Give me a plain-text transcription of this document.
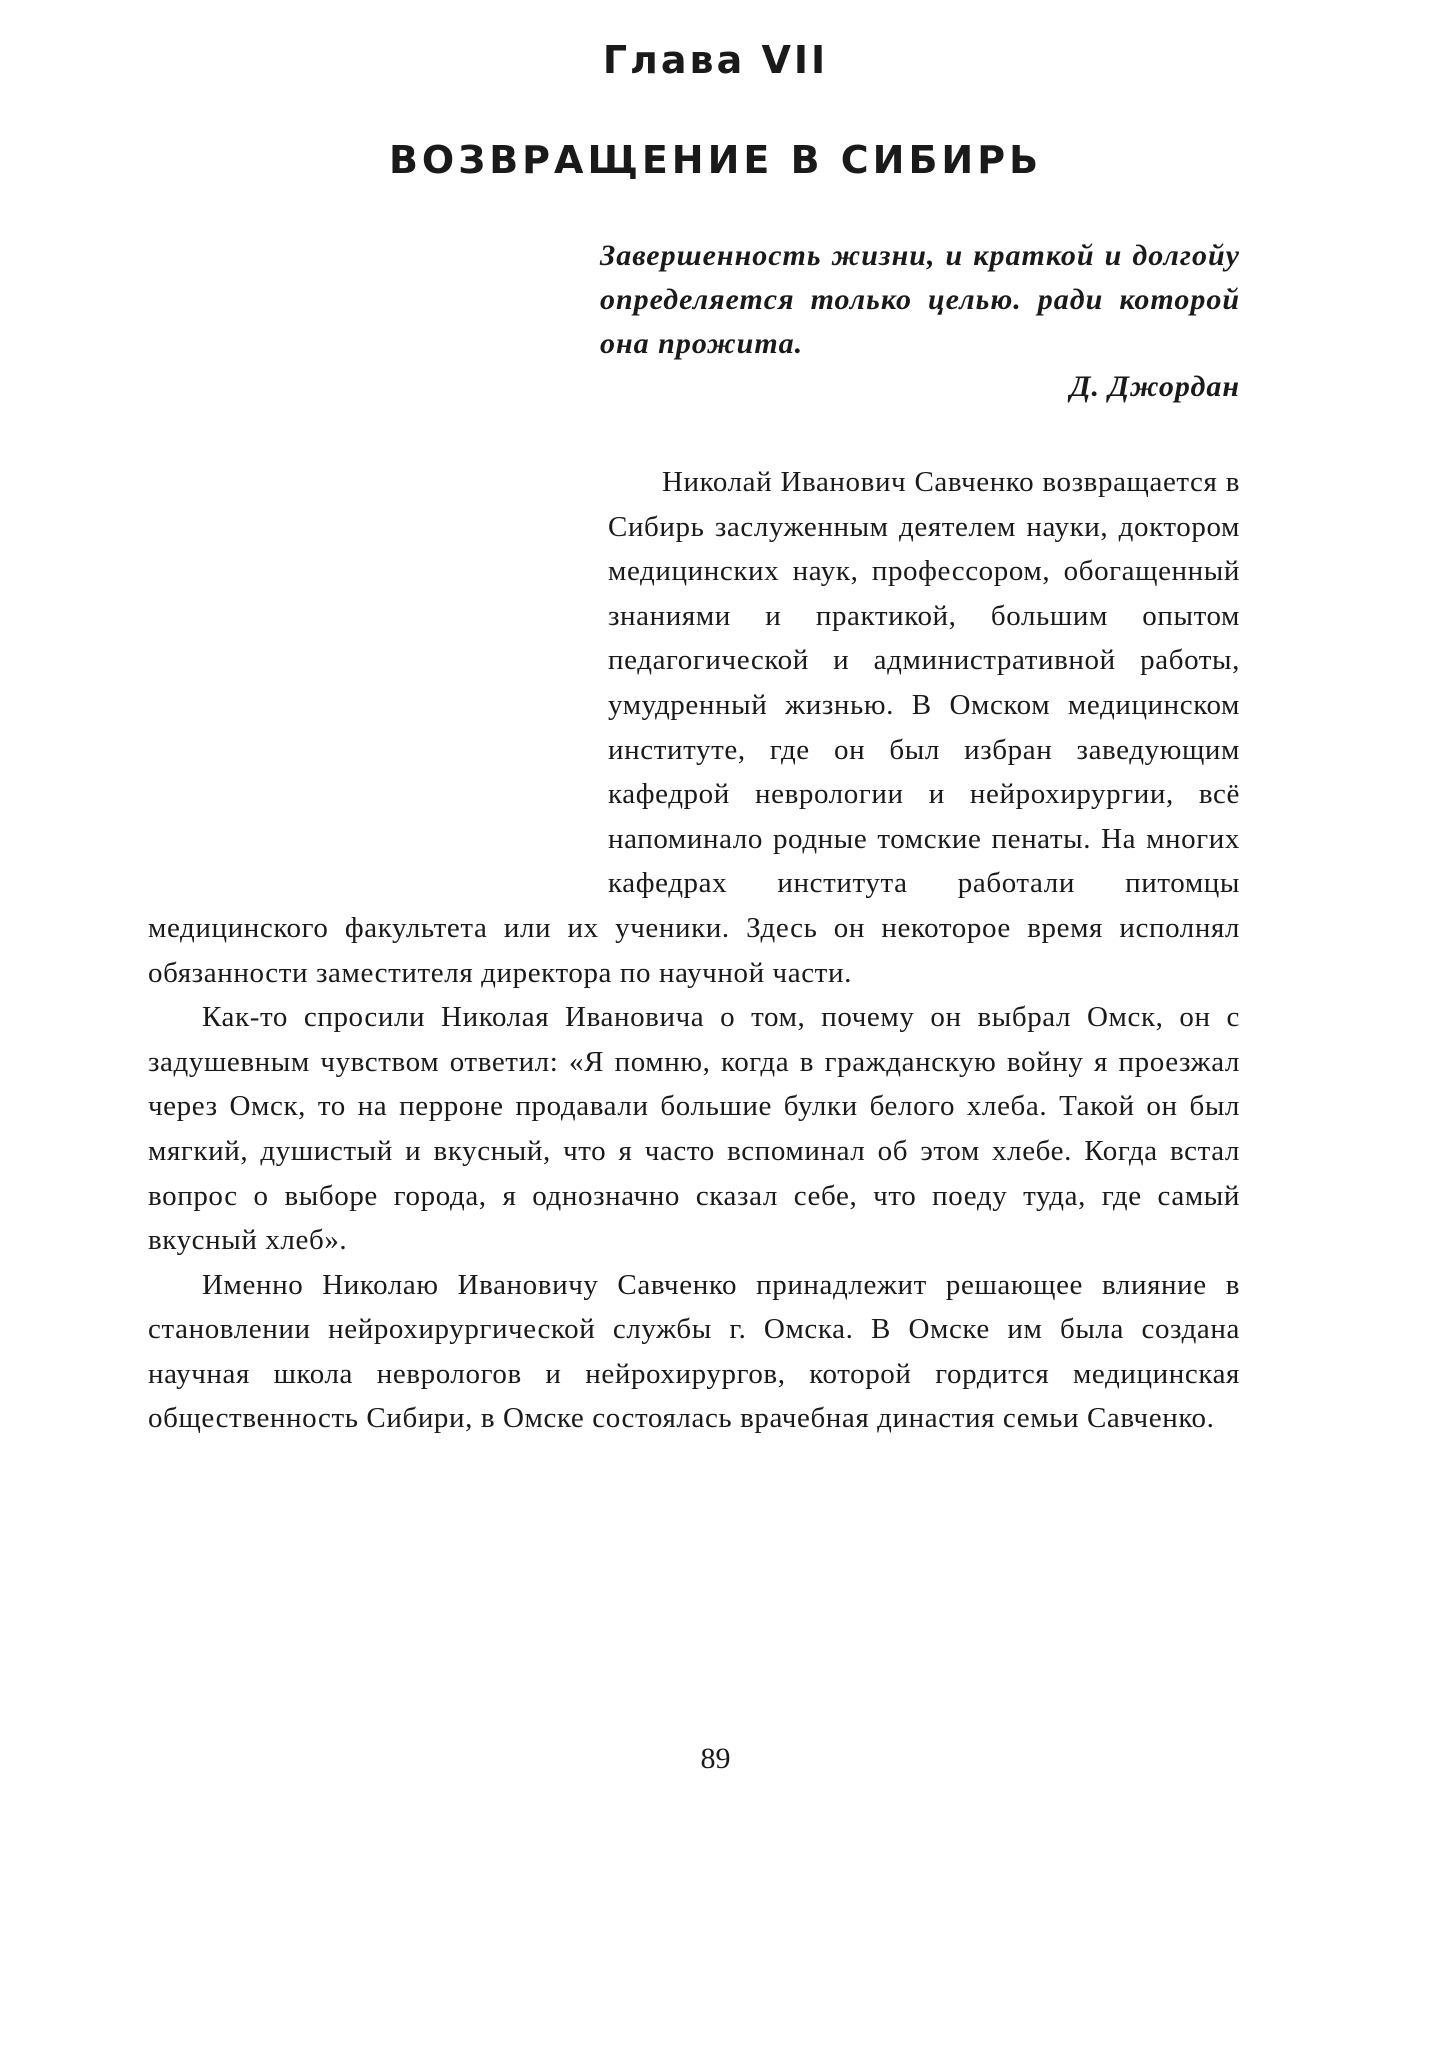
Глава VII
ВОЗВРАЩЕНИЕ В СИБИРЬ

Завершенность жизни, и краткой и долгойу определяется только целью. ради которой она прожита.

Д. Джордан

Николай Иванович Савченко возвращается в Сибирь заслуженным деятелем науки, доктором медицинских наук, профессором, обогащенный знаниями и практикой, большим опытом педагогической и административной работы, умудренный жизнью. В Омском медицинском институте, где он был избран заведующим кафедрой неврологии и нейрохирургии, всё напоминало родные томские пенаты. На многих кафедрах института работали питомцы медицинского факультета или их ученики. Здесь он некоторое время исполнял обязанности заместителя директора по научной части.

Как-то спросили Николая Ивановича о том, почему он выбрал Омск, он с задушевным чувством ответил: «Я помню, когда в гражданскую войну я проезжал через Омск, то на перроне продавали большие булки белого хлеба. Такой он был мягкий, душистый и вкусный, что я часто вспоминал об этом хлебе. Когда встал вопрос о выборе города, я однозначно сказал себе, что поеду туда, где самый вкусный хлеб».

Именно Николаю Ивановичу Савченко принадлежит решающее влияние в становлении нейрохирургической службы г. Омска. В Омске им была создана научная школа неврологов и нейрохирургов, которой гордится медицинская общественность Сибири, в Омске состоялась врачебная династия семьи Савченко.

89
